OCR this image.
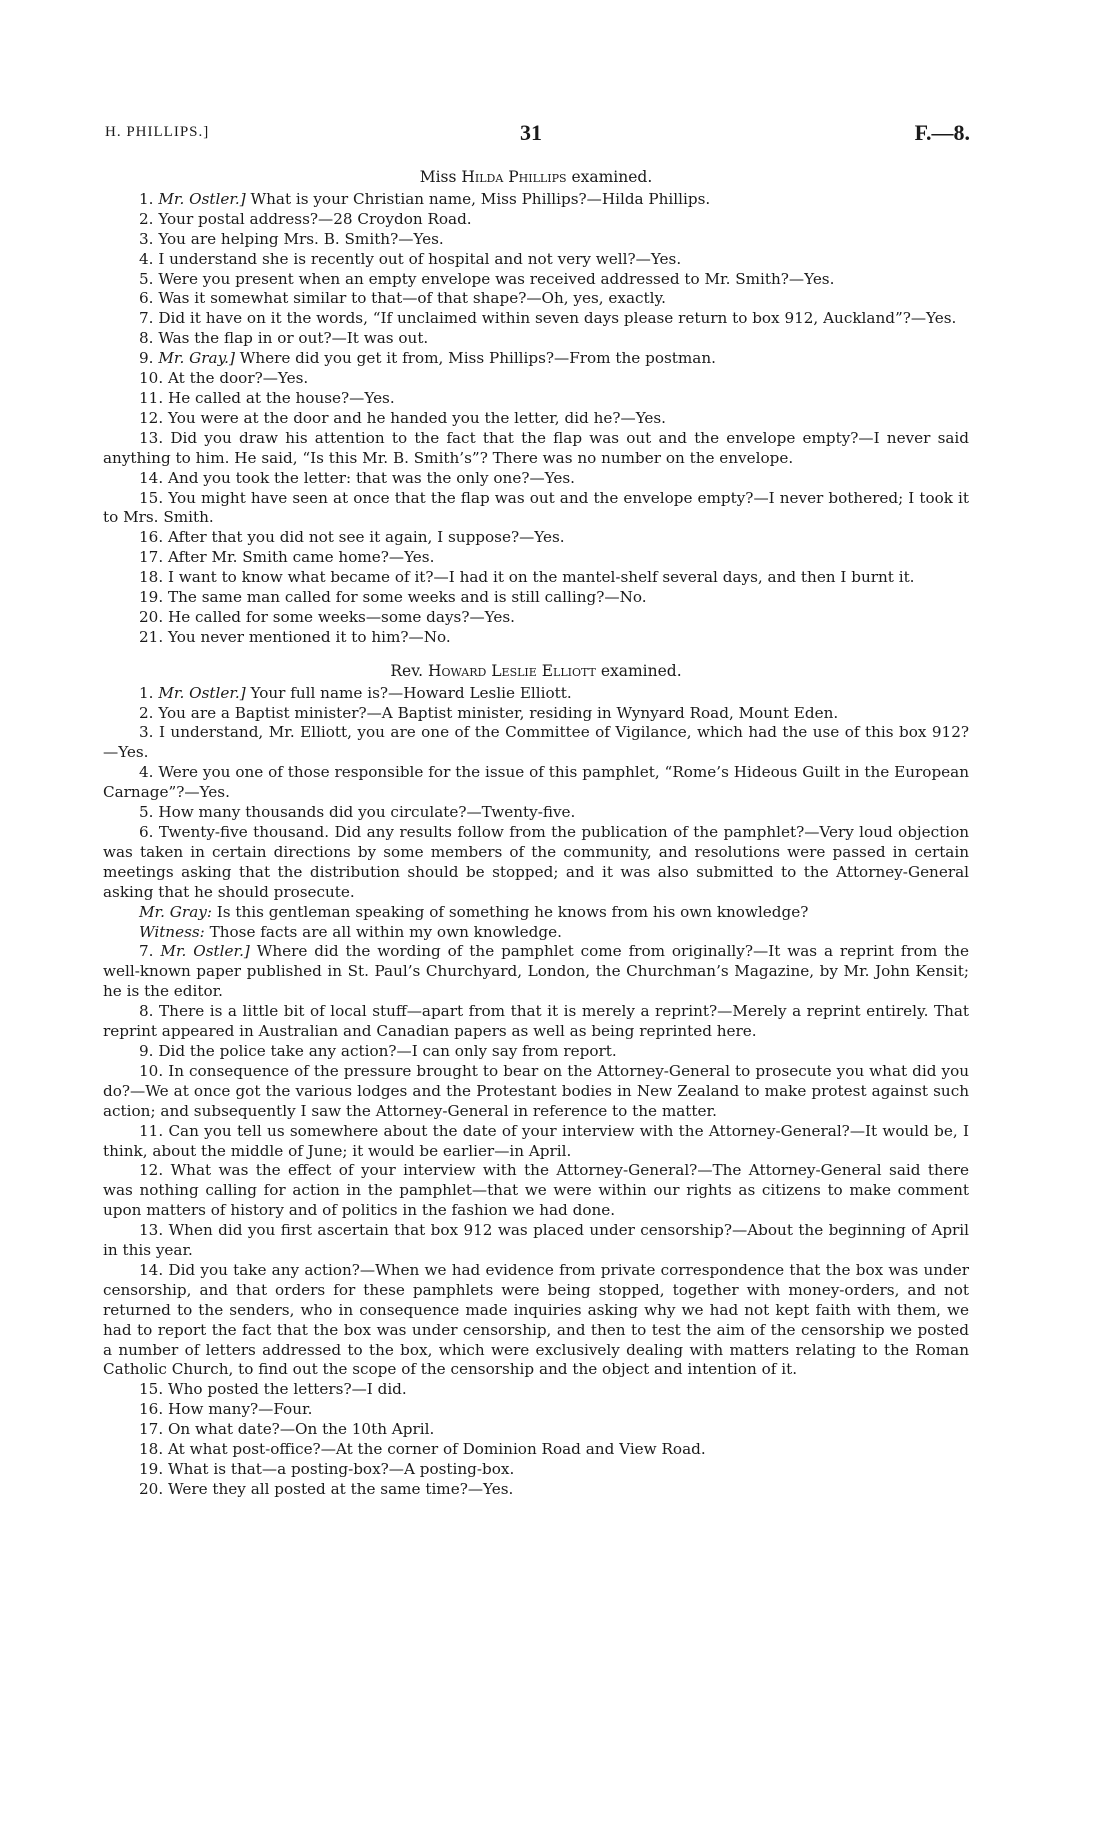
H. PHILLIPS.]	31	F.—8.

Miss Hilda Phillips examined.

1. Mr. Ostler.] What is your Christian name, Miss Phillips?—Hilda Phillips.

2. Your postal address?—28 Croydon Road.

3. You are helping Mrs. B. Smith?—Yes.

4. I understand she is recently out of hospital and not very well?—Yes.

5. Were you present when an empty envelope was received addressed to Mr. Smith?—Yes.

6. Was it somewhat similar to that—of that shape?—Oh, yes, exactly.

7. Did it have on it the words, “If unclaimed within seven days please return to box 912, Auckland”?—Yes.

8. Was the flap in or out?—It was out.

9. Mr. Gray.] Where did you get it from, Miss Phillips?—From the postman.

10. At the door?—Yes.

11. He called at the house?—Yes.

12. You were at the door and he handed you the letter, did he?—Yes.

13. Did you draw his attention to the fact that the flap was out and the envelope empty?—I never said anything to him. He said, “Is this Mr. B. Smith’s”? There was no number on the envelope.

14. And you took the letter: that was the only one?—Yes.

15. You might have seen at once that the flap was out and the envelope empty?—I never bothered; I took it to Mrs. Smith.

16. After that you did not see it again, I suppose?—Yes.

17. After Mr. Smith came home?—Yes.

18. I want to know what became of it?—I had it on the mantel-shelf several days, and then I burnt it.

19. The same man called for some weeks and is still calling?—No.

20. He called for some weeks—some days?—Yes.

21. You never mentioned it to him?—No.

Rev. Howard Leslie Elliott examined.

1. Mr. Ostler.] Your full name is?—Howard Leslie Elliott.

2. You are a Baptist minister?—A Baptist minister, residing in Wynyard Road, Mount Eden.

3. I understand, Mr. Elliott, you are one of the Committee of Vigilance, which had the use of this box 912?—Yes.

4. Were you one of those responsible for the issue of this pamphlet, “Rome’s Hideous Guilt in the European Carnage”?—Yes.

5. How many thousands did you circulate?—Twenty-five.

6. Twenty-five thousand. Did any results follow from the publication of the pamphlet?—Very loud objection was taken in certain directions by some members of the community, and resolutions were passed in certain meetings asking that the distribution should be stopped; and it was also submitted to the Attorney-General asking that he should prosecute.

Mr. Gray: Is this gentleman speaking of something he knows from his own knowledge?

Witness: Those facts are all within my own knowledge.

7. Mr. Ostler.] Where did the wording of the pamphlet come from originally?—It was a reprint from the well-known paper published in St. Paul’s Churchyard, London, the Churchman’s Magazine, by Mr. John Kensit; he is the editor.

8. There is a little bit of local stuff—apart from that it is merely a reprint?—Merely a reprint entirely. That reprint appeared in Australian and Canadian papers as well as being reprinted here.

9. Did the police take any action?—I can only say from report.

10. In consequence of the pressure brought to bear on the Attorney-General to prosecute you what did you do?—We at once got the various lodges and the Protestant bodies in New Zealand to make protest against such action; and subsequently I saw the Attorney-General in reference to the matter.

11. Can you tell us somewhere about the date of your interview with the Attorney-General?—It would be, I think, about the middle of June; it would be earlier—in April.

12. What was the effect of your interview with the Attorney-General?—The Attorney-General said there was nothing calling for action in the pamphlet—that we were within our rights as citizens to make comment upon matters of history and of politics in the fashion we had done.

13. When did you first ascertain that box 912 was placed under censorship?—About the beginning of April in this year.

14. Did you take any action?—When we had evidence from private correspondence that the box was under censorship, and that orders for these pamphlets were being stopped, together with money-orders, and not returned to the senders, who in consequence made inquiries asking why we had not kept faith with them, we had to report the fact that the box was under censorship, and then to test the aim of the censorship we posted a number of letters addressed to the box, which were exclusively dealing with matters relating to the Roman Catholic Church, to find out the scope of the censorship and the object and intention of it.

15. Who posted the letters?—I did.

16. How many?—Four.

17. On what date?—On the 10th April.

18. At what post-office?—At the corner of Dominion Road and View Road.

19. What is that—a posting-box?—A posting-box.

20. Were they all posted at the same time?—Yes.
